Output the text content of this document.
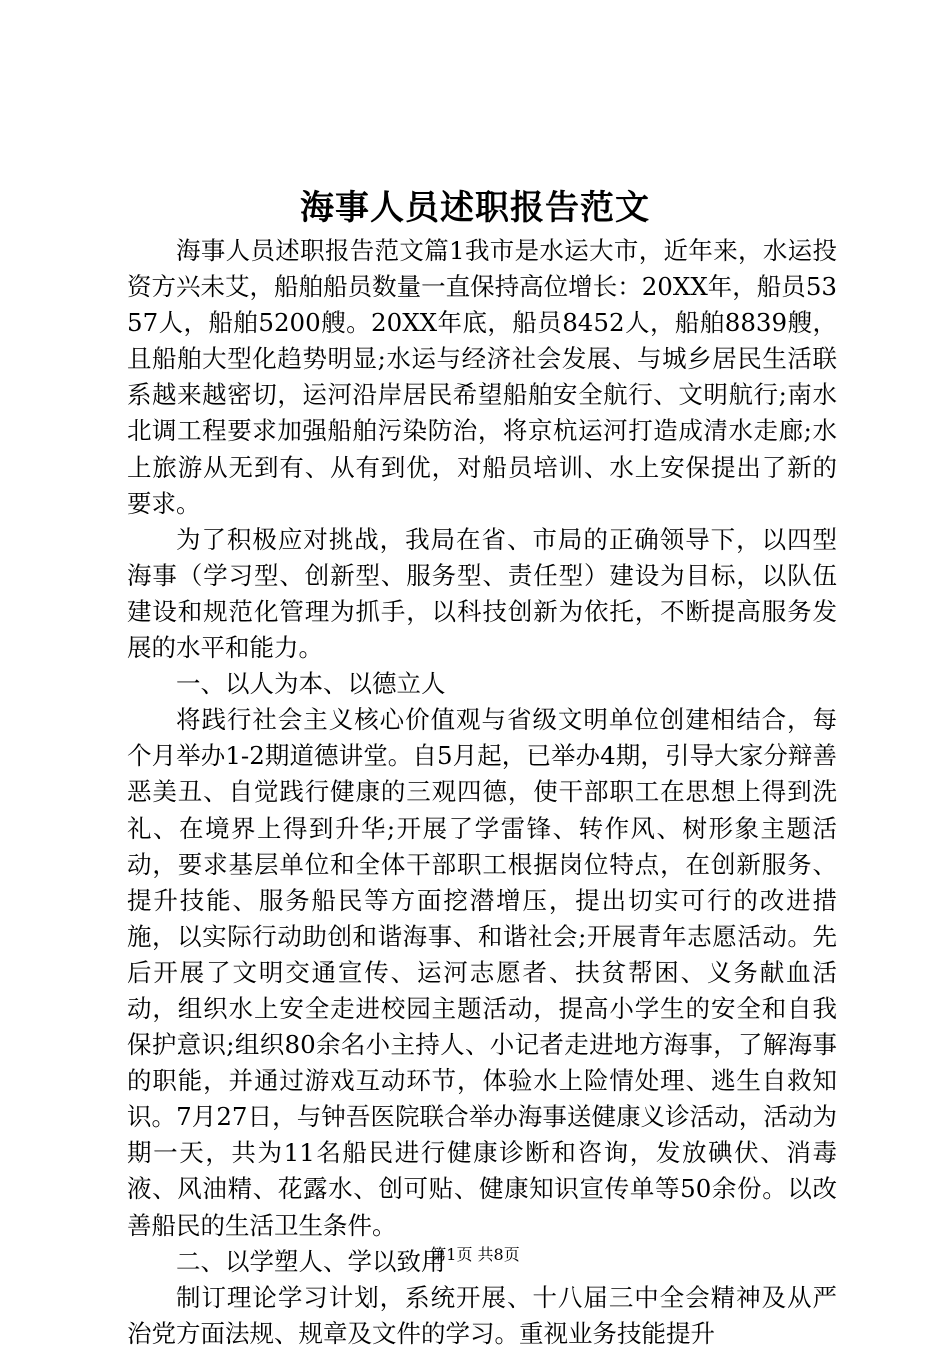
海事人员述职报告范文

海事人员述职报告范文篇1我市是水运大市，近年来，水运投资方兴未艾，船舶船员数量一直保持高位增长：20XX年，船员5357人，船舶5200艘。20XX年底，船员8452人，船舶8839艘，且船舶大型化趋势明显;水运与经济社会发展、与城乡居民生活联系越来越密切，运河沿岸居民希望船舶安全航行、文明航行;南水北调工程要求加强船舶污染防治，将京杭运河打造成清水走廊;水上旅游从无到有、从有到优，对船员培训、水上安保提出了新的要求。

为了积极应对挑战，我局在省、市局的正确领导下，以四型海事（学习型、创新型、服务型、责任型）建设为目标，以队伍建设和规范化管理为抓手，以科技创新为依托，不断提高服务发展的水平和能力。

一、以人为本、以德立人

将践行社会主义核心价值观与省级文明单位创建相结合，每个月举办1-2期道德讲堂。自5月起，已举办4期，引导大家分辩善恶美丑、自觉践行健康的三观四德，使干部职工在思想上得到洗礼、在境界上得到升华;开展了学雷锋、转作风、树形象主题活动，要求基层单位和全体干部职工根据岗位特点，在创新服务、提升技能、服务船民等方面挖潜增压，提出切实可行的改进措施，以实际行动助创和谐海事、和谐社会;开展青年志愿活动。先后开展了文明交通宣传、运河志愿者、扶贫帮困、义务献血活动，组织水上安全走进校园主题活动，提高小学生的安全和自我保护意识;组织80余名小主持人、小记者走进地方海事，了解海事的职能，并通过游戏互动环节，体验水上险情处理、逃生自救知识。7月27日，与钟吾医院联合举办海事送健康义诊活动，活动为期一天，共为11名船民进行健康诊断和咨询，发放碘伏、消毒液、风油精、花露水、创可贴、健康知识宣传单等50余份。以改善船民的生活卫生条件。

二、以学塑人、学以致用

制订理论学习计划，系统开展、十八届三中全会精神及从严治党方面法规、规章及文件的学习。重视业务技能提升

第1页 共8页
